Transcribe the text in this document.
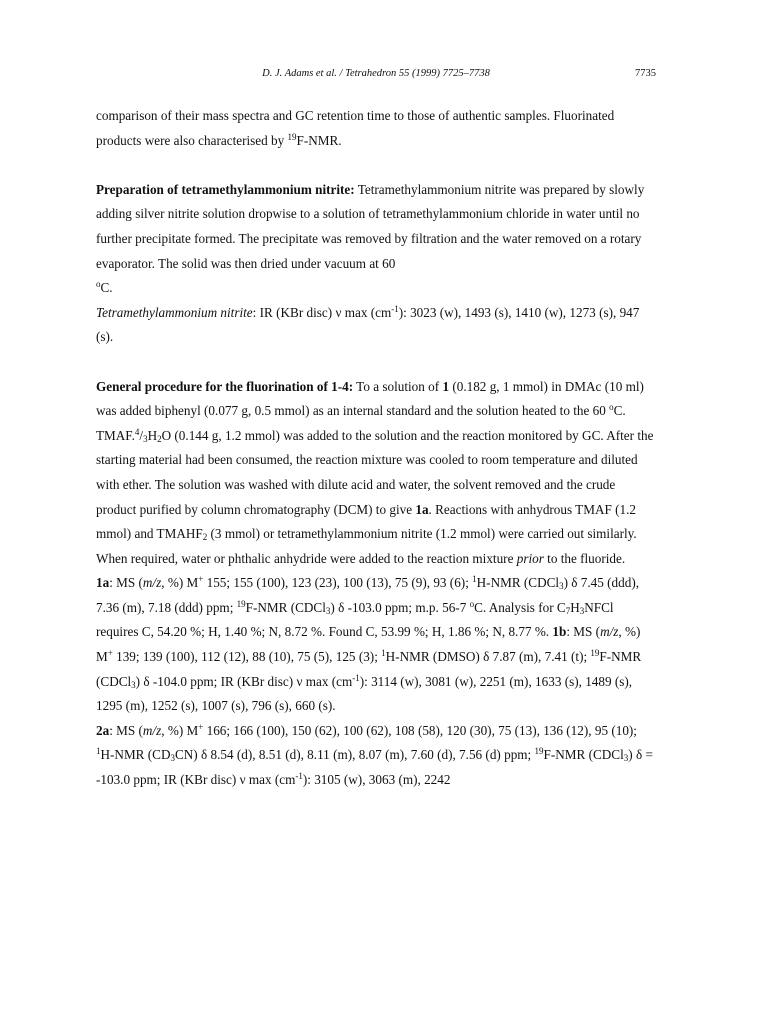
D. J. Adams et al. / Tetrahedron 55 (1999) 7725–7738	7735

comparison of their mass spectra and GC retention time to those of authentic samples. Fluorinated products were also characterised by $^{19}$F-NMR.

Preparation of tetramethylammonium nitrite: Tetramethylammonium nitrite was prepared by slowly adding silver nitrite solution dropwise to a solution of tetramethylammonium chloride in water until no further precipitate formed. The precipitate was removed by filtration and the water removed on a rotary evaporator. The solid was then dried under vacuum at 60
$^o$C.

Tetramethylammonium nitrite: IR (KBr disc) ν $\max (cm^{-1})$: 3023 (w), 1493 (s), 1410 (w), 1273 (s), 947 (s).

General procedure for the fluorination of 1-4: To a solution of 1 (0.182 g, 1 mmol) in DMAc (10 ml) was added biphenyl (0.077 g, 0.5 mmol) as an internal standard and the solution heated to the 60 $^o$C. $TMAF.^4/_3H_2O$ (0.144 g, 1.2 mmol) was added to the solution and the reaction monitored by GC. After the starting material had been consumed, the reaction mixture was cooled to room temperature and diluted with ether. The solution was washed with dilute acid and water, the solvent removed and the crude product purified by column chromatography (DCM) to give 1a. Reactions with anhydrous TMAF (1.2 mmol) and $TMAHF_2$ (3 mmol) or tetramethylammonium nitrite (1.2 mmol) were carried out similarly. When required, water or phthalic anhydride were added to the reaction mixture prior to the fluoride.

1a: MS (m/z, %) M+ 155; 155 (100), 123 (23), 100 (13), 75 (9), 93 (6); $^1$H-NMR (CDCl$_3$) δ 7.45 (ddd), 7.36 (m), 7.18 (ddd) ppm; $^{19}$F-NMR (CDCl$_3$) δ -103.0 ppm; m.p. 56-7 $^o$C. Analysis for $C_7H_3NFCl$ requires C, 54.20 %; H, 1.40 %; N, 8.72 %. Found C, 53.99 %; H, 1.86 %; N, 8.77 %. 1b: MS (m/z, %) M+ 139; 139 (100), 112 (12), 88 (10), 75 (5), 125 (3); $^1$H-NMR (DMSO) δ 7.87 (m), 7.41 (t); $^{19}$F-NMR (CDCl$_3$) δ -104.0 ppm; IR (KBr disc) ν $\max (cm^{-1})$: 3114 (w), 3081 (w), 2251 (m), 1633 (s), 1489 (s), 1295 (m), 1252 (s), 1007 (s), 796 (s), 660 (s).

2a: MS (m/z, %) M+ 166; 166 (100), 150 (62), 100 (62), 108 (58), 120 (30), 75 (13), 136 (12), 95 (10); $^1$H-NMR $(CD_3CN)$ δ 8.54 (d), 8.51 (d), 8.11 (m), 8.07 (m), 7.60 (d), 7.56 (d) ppm; $^{19}$F-NMR (CDCl$_3$) δ = -103.0 ppm; IR (KBr disc) ν $\max (cm^{-1})$: 3105 (w), 3063 (m), 2242
